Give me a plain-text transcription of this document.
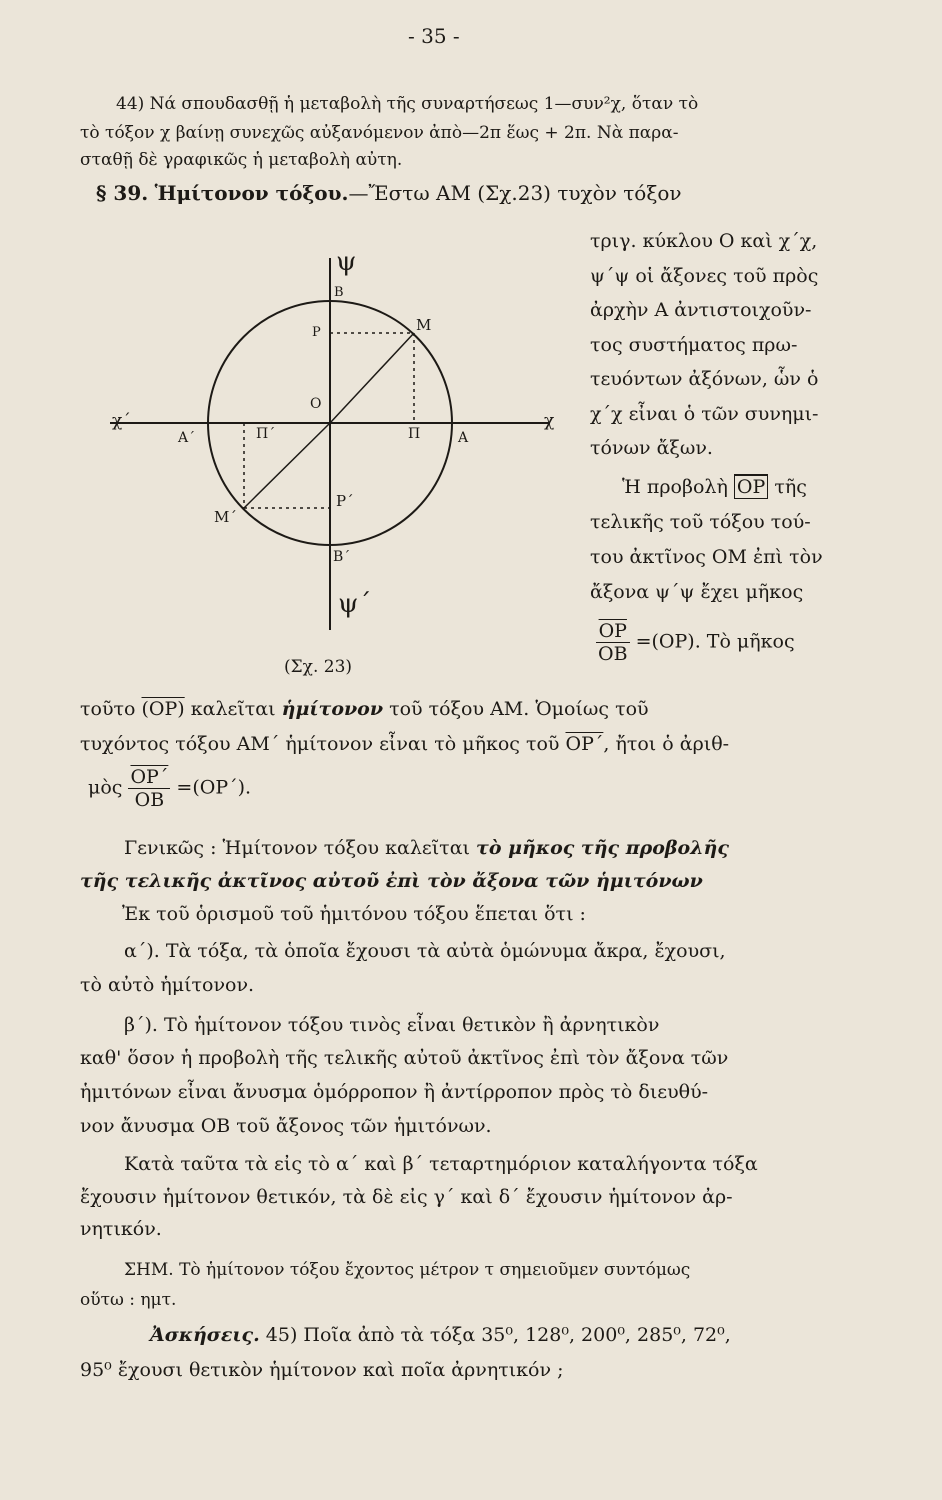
- 35 -
44) Νά σπουδασθῇ ἡ μεταβολὴ τῆς συναρτήσεως 1—συν²χ, ὅταν τὸ
τὸ τόξον χ βαίνῃ συνεχῶς αὐξανόμενον ἀπὸ—2π ἕως + 2π. Νὰ παρα-
σταθῇ δὲ γραφικῶς ἡ μεταβολὴ αὐτη.
§ 39. Ἡμίτονον τόξου.—Ἔστω ΑΜ (Σχ.23) τυχὸν τόξον
ψ
Β
Ρ	Μ
Ο
χ΄	χ
Α΄	Π΄	Π	Α
Ρ΄
Μ΄
Β΄
ψ΄
(Σχ. 23)
τριγ. κύκλου Ο καὶ χ΄χ,
ψ΄ψ οἱ ἄξονες τοῦ πρὸς
ἀρχὴν Α ἀντιστοιχοῦν-
τος συστήματος πρω-
τευόντων ἀξόνων, ὧν ὁ
χ΄χ εἶναι ὁ τῶν συνημι-
τόνων ἄξων.
Ἡ προβολὴ $\overline{OP}$ τῆς
τελικῆς τοῦ τόξου τού-
του ἀκτῖνος ΟΜ ἐπὶ τὸν
ἄξονα ψ΄ψ ἔχει μῆκος
$\frac{\overline{OP}}{OB} =(OP)$. Τὸ μῆκος
τοῦτο (ΟΡ) καλεῖται ἡμίτονον τοῦ τόξου ΑΜ. Ὁμοίως τοῦ
τυχόντος τόξου ΑΜ΄ ἡμίτονον εἶναι τὸ μῆκος τοῦ $\overline{OP΄}$, ἤτοι ὁ ἀριθ-
μὸς $\frac{\overline{OP΄}}{OB} =(OP΄)$.
Γενικῶς : Ἡμίτονον τόξου καλεῖται τὸ μῆκος τῆς προβολῆς
τῆς τελικῆς ἀκτῖνος αὐτοῦ ἐπὶ τὸν ἄξονα τῶν ἡμιτόνων
Ἐκ τοῦ ὁρισμοῦ τοῦ ἡμιτόνου τόξου ἕπεται ὅτι :
α΄). Τὰ τόξα, τὰ ὁποῖα ἔχουσι τὰ αὐτὰ ὁμώνυμα ἄκρα, ἔχουσι,
τὸ αὐτὸ ἡμίτονον.
β΄). Τὸ ἡμίτονον τόξου τινὸς εἶναι θετικὸν ἢ ἀρνητικὸν
καθ' ὅσον ἡ προβολὴ τῆς τελικῆς αὐτοῦ ἀκτῖνος ἐπὶ τὸν ἄξονα τῶν
ἡμιτόνων εἶναι ἄνυσμα ὁμόρροπον ἢ ἀντίρροπον πρὸς τὸ διευθύ-
νον ἄνυσμα ΟΒ τοῦ ἄξονος τῶν ἡμιτόνων.
Κατὰ ταῦτα τὰ εἰς τὸ α΄ καὶ β΄ τεταρτημόριον καταλήγοντα τόξα
ἔχουσιν ἡμίτονον θετικόν, τὰ δὲ εἰς γ΄ καὶ δ΄ ἔχουσιν ἡμίτονον ἀρ-
νητικόν.
ΣΗΜ. Τὸ ἡμίτονον τόξου ἔχοντος μέτρον τ σημειοῦμεν συντόμως
οὕτω : ημτ.
Ἀσκήσεις. 45) Ποῖα ἀπὸ τὰ τόξα 35⁰, 128⁰, 200⁰, 285⁰, 72⁰,
95⁰ ἔχουσι θετικὸν ἡμίτονον καὶ ποῖα ἀρνητικόν ;
